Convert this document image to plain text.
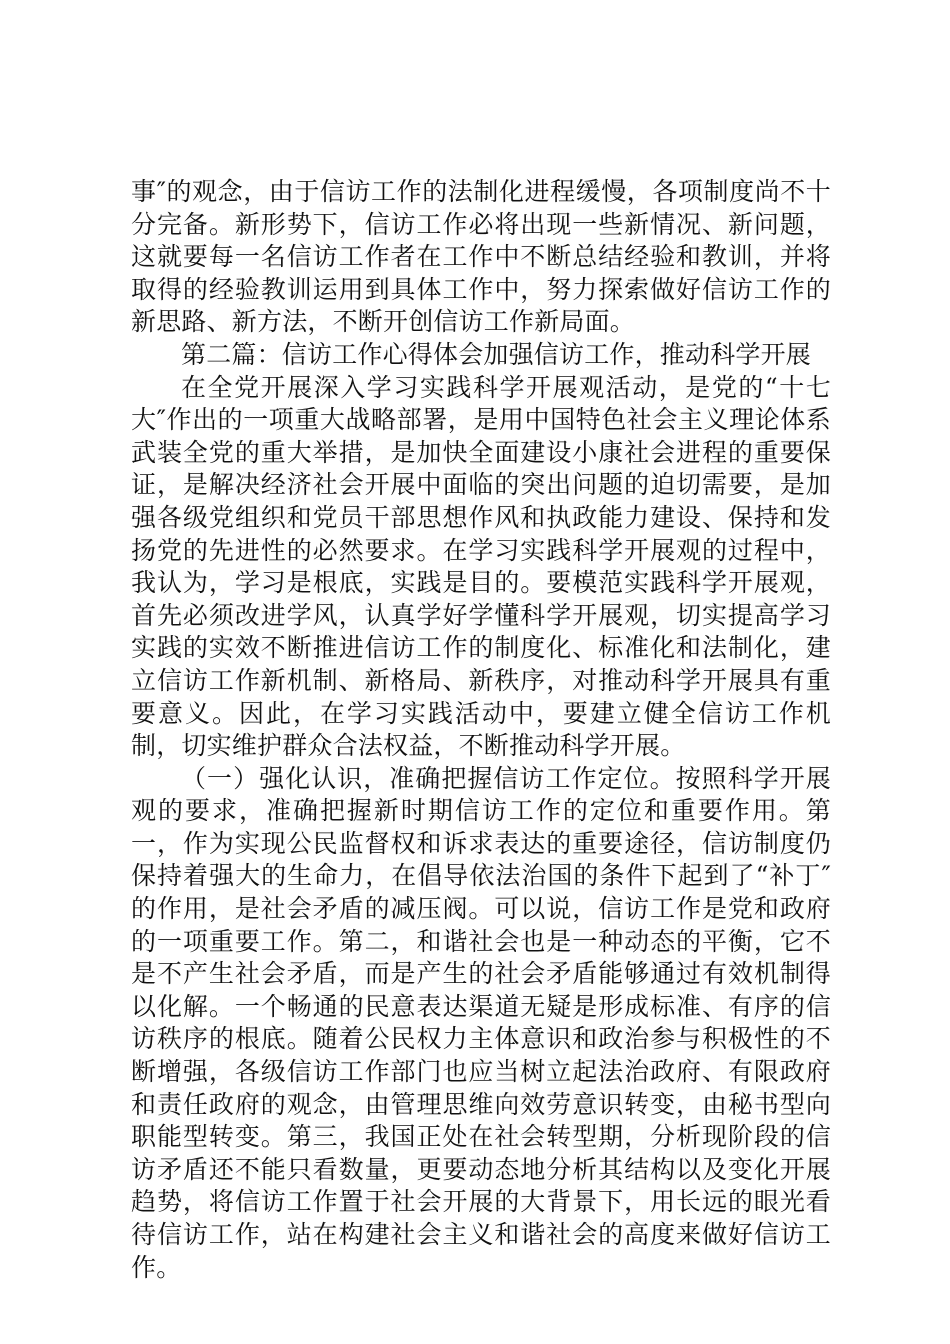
事″的观念，由于信访工作的法制化进程缓慢，各项制度尚不十分完备。新形势下，信访工作必将出现一些新情况、新问题，这就要每一名信访工作者在工作中不断总结经验和教训，并将取得的经验教训运用到具体工作中，努力探索做好信访工作的新思路、新方法，不断开创信访工作新局面。

第二篇：信访工作心得体会加强信访工作，推动科学开展

在全党开展深入学习实践科学开展观活动，是党的“十七大″作出的一项重大战略部署，是用中国特色社会主义理论体系武装全党的重大举措，是加快全面建设小康社会进程的重要保证，是解决经济社会开展中面临的突出问题的迫切需要，是加强各级党组织和党员干部思想作风和执政能力建设、保持和发扬党的先进性的必然要求。在学习实践科学开展观的过程中，我认为，学习是根底，实践是目的。要模范实践科学开展观，首先必须改进学风，认真学好学懂科学开展观，切实提高学习实践的实效不断推进信访工作的制度化、标准化和法制化，建立信访工作新机制、新格局、新秩序，对推动科学开展具有重要意义。因此，在学习实践活动中，要建立健全信访工作机制，切实维护群众合法权益，不断推动科学开展。

（一）强化认识，准确把握信访工作定位。按照科学开展观的要求，准确把握新时期信访工作的定位和重要作用。第一，作为实现公民监督权和诉求表达的重要途径，信访制度仍保持着强大的生命力，在倡导依法治国的条件下起到了“补丁″的作用，是社会矛盾的减压阀。可以说，信访工作是党和政府的一项重要工作。第二，和谐社会也是一种动态的平衡，它不是不产生社会矛盾，而是产生的社会矛盾能够通过有效机制得以化解。一个畅通的民意表达渠道无疑是形成标准、有序的信访秩序的根底。随着公民权力主体意识和政治参与积极性的不断增强，各级信访工作部门也应当树立起法治政府、有限政府和责任政府的观念，由管理思维向效劳意识转变，由秘书型向职能型转变。第三，我国正处在社会转型期，分析现阶段的信访矛盾还不能只看数量，更要动态地分析其结构以及变化开展趋势，将信访工作置于社会开展的大背景下，用长远的眼光看待信访工作，站在构建社会主义和谐社会的高度来做好信访工作。
